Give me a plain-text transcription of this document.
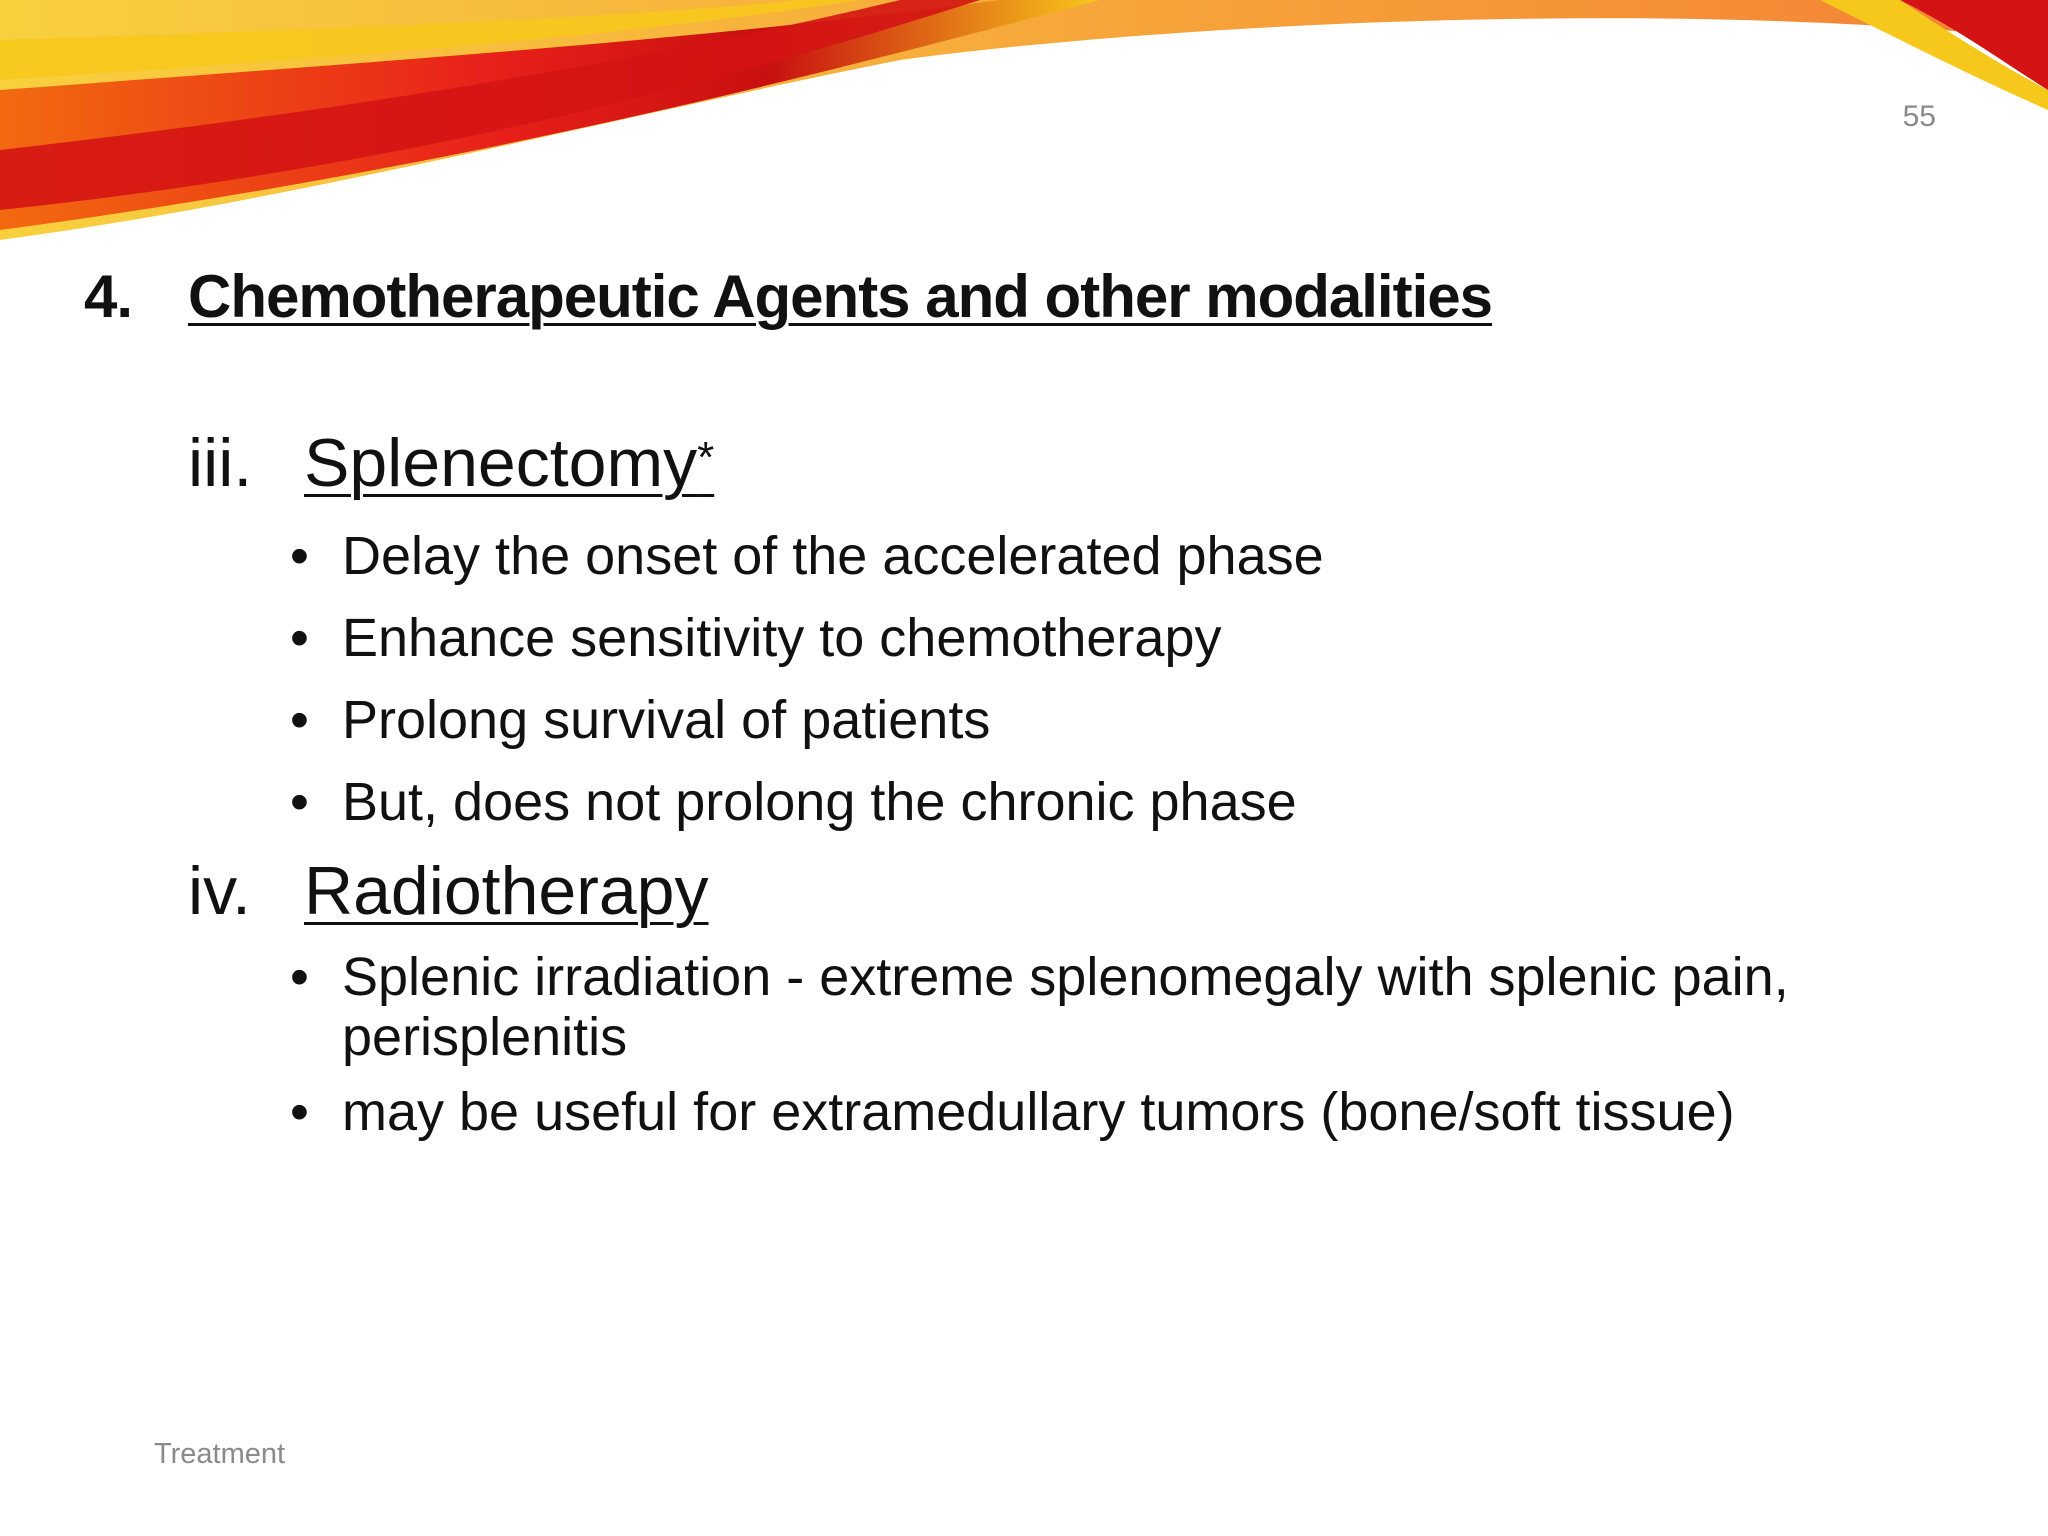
55
4. Chemotherapeutic Agents and other modalities
iii. Splenectomy*
• Delay the onset of the accelerated phase
• Enhance sensitivity to chemotherapy
• Prolong survival of patients
• But, does not prolong the chronic phase
iv. Radiotherapy
• Splenic irradiation - extreme splenomegaly with splenic pain, perisplenitis
• may be useful for extramedullary tumors (bone/soft tissue)
Treatment
